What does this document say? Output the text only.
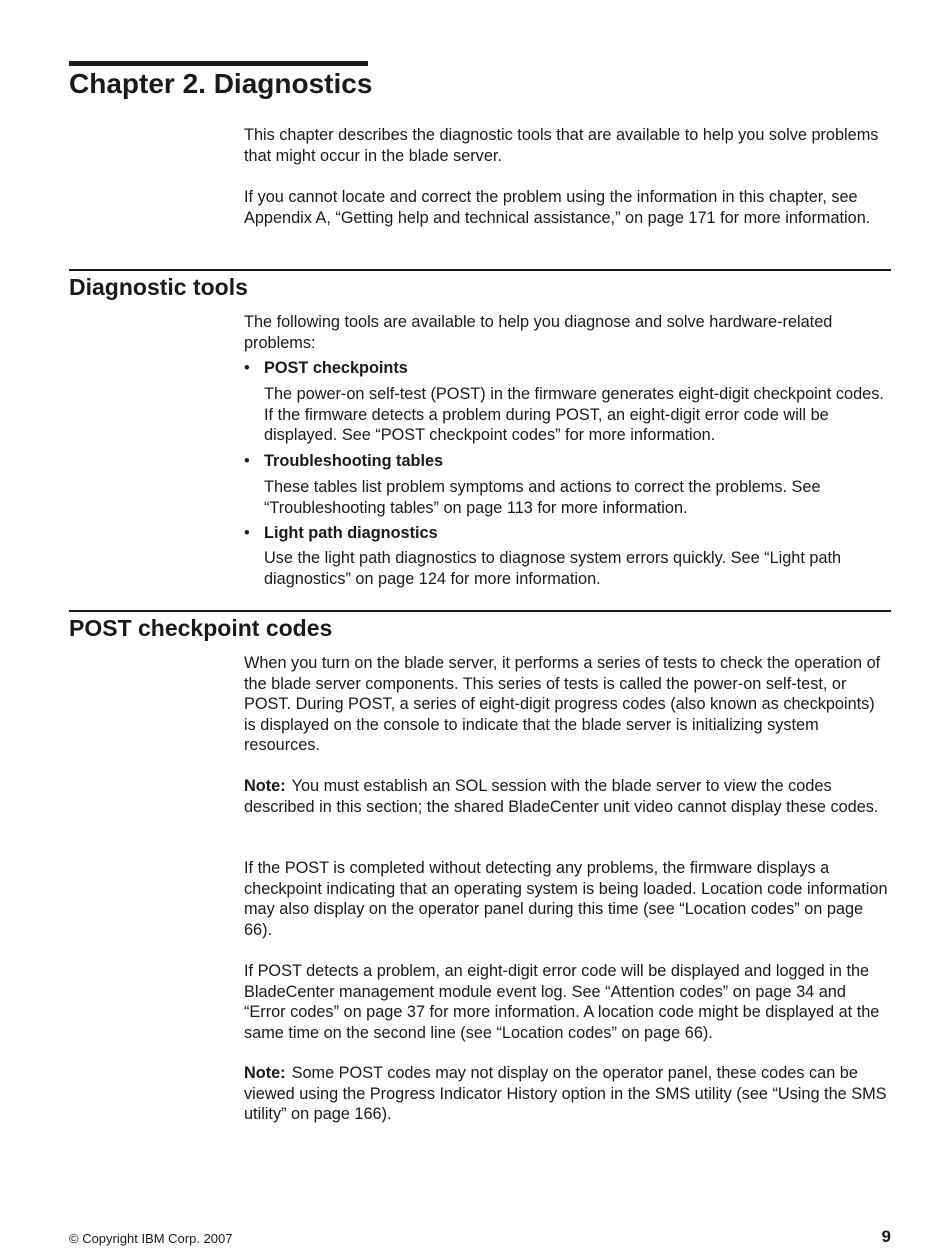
Chapter 2. Diagnostics

This chapter describes the diagnostic tools that are available to help you solve problems that might occur in the blade server.

If you cannot locate and correct the problem using the information in this chapter, see Appendix A, “Getting help and technical assistance,” on page 171 for more information.

Diagnostic tools

The following tools are available to help you diagnose and solve hardware-related problems:

• POST checkpoints

The power-on self-test (POST) in the firmware generates eight-digit checkpoint codes. If the firmware detects a problem during POST, an eight-digit error code will be displayed. See “POST checkpoint codes” for more information.

• Troubleshooting tables

These tables list problem symptoms and actions to correct the problems. See “Troubleshooting tables” on page 113 for more information.

• Light path diagnostics

Use the light path diagnostics to diagnose system errors quickly. See “Light path diagnostics” on page 124 for more information.

POST checkpoint codes

When you turn on the blade server, it performs a series of tests to check the operation of the blade server components. This series of tests is called the power-on self-test, or POST. During POST, a series of eight-digit progress codes (also known as checkpoints) is displayed on the console to indicate that the blade server is initializing system resources.

Note: You must establish an SOL session with the blade server to view the codes described in this section; the shared BladeCenter unit video cannot display these codes.

If the POST is completed without detecting any problems, the firmware displays a checkpoint indicating that an operating system is being loaded. Location code information may also display on the operator panel during this time (see “Location codes” on page 66).

If POST detects a problem, an eight-digit error code will be displayed and logged in the BladeCenter management module event log. See “Attention codes” on page 34 and “Error codes” on page 37 for more information. A location code might be displayed at the same time on the second line (see “Location codes” on page 66).

Note: Some POST codes may not display on the operator panel, these codes can be viewed using the Progress Indicator History option in the SMS utility (see “Using the SMS utility” on page 166).

© Copyright IBM Corp. 2007	9
